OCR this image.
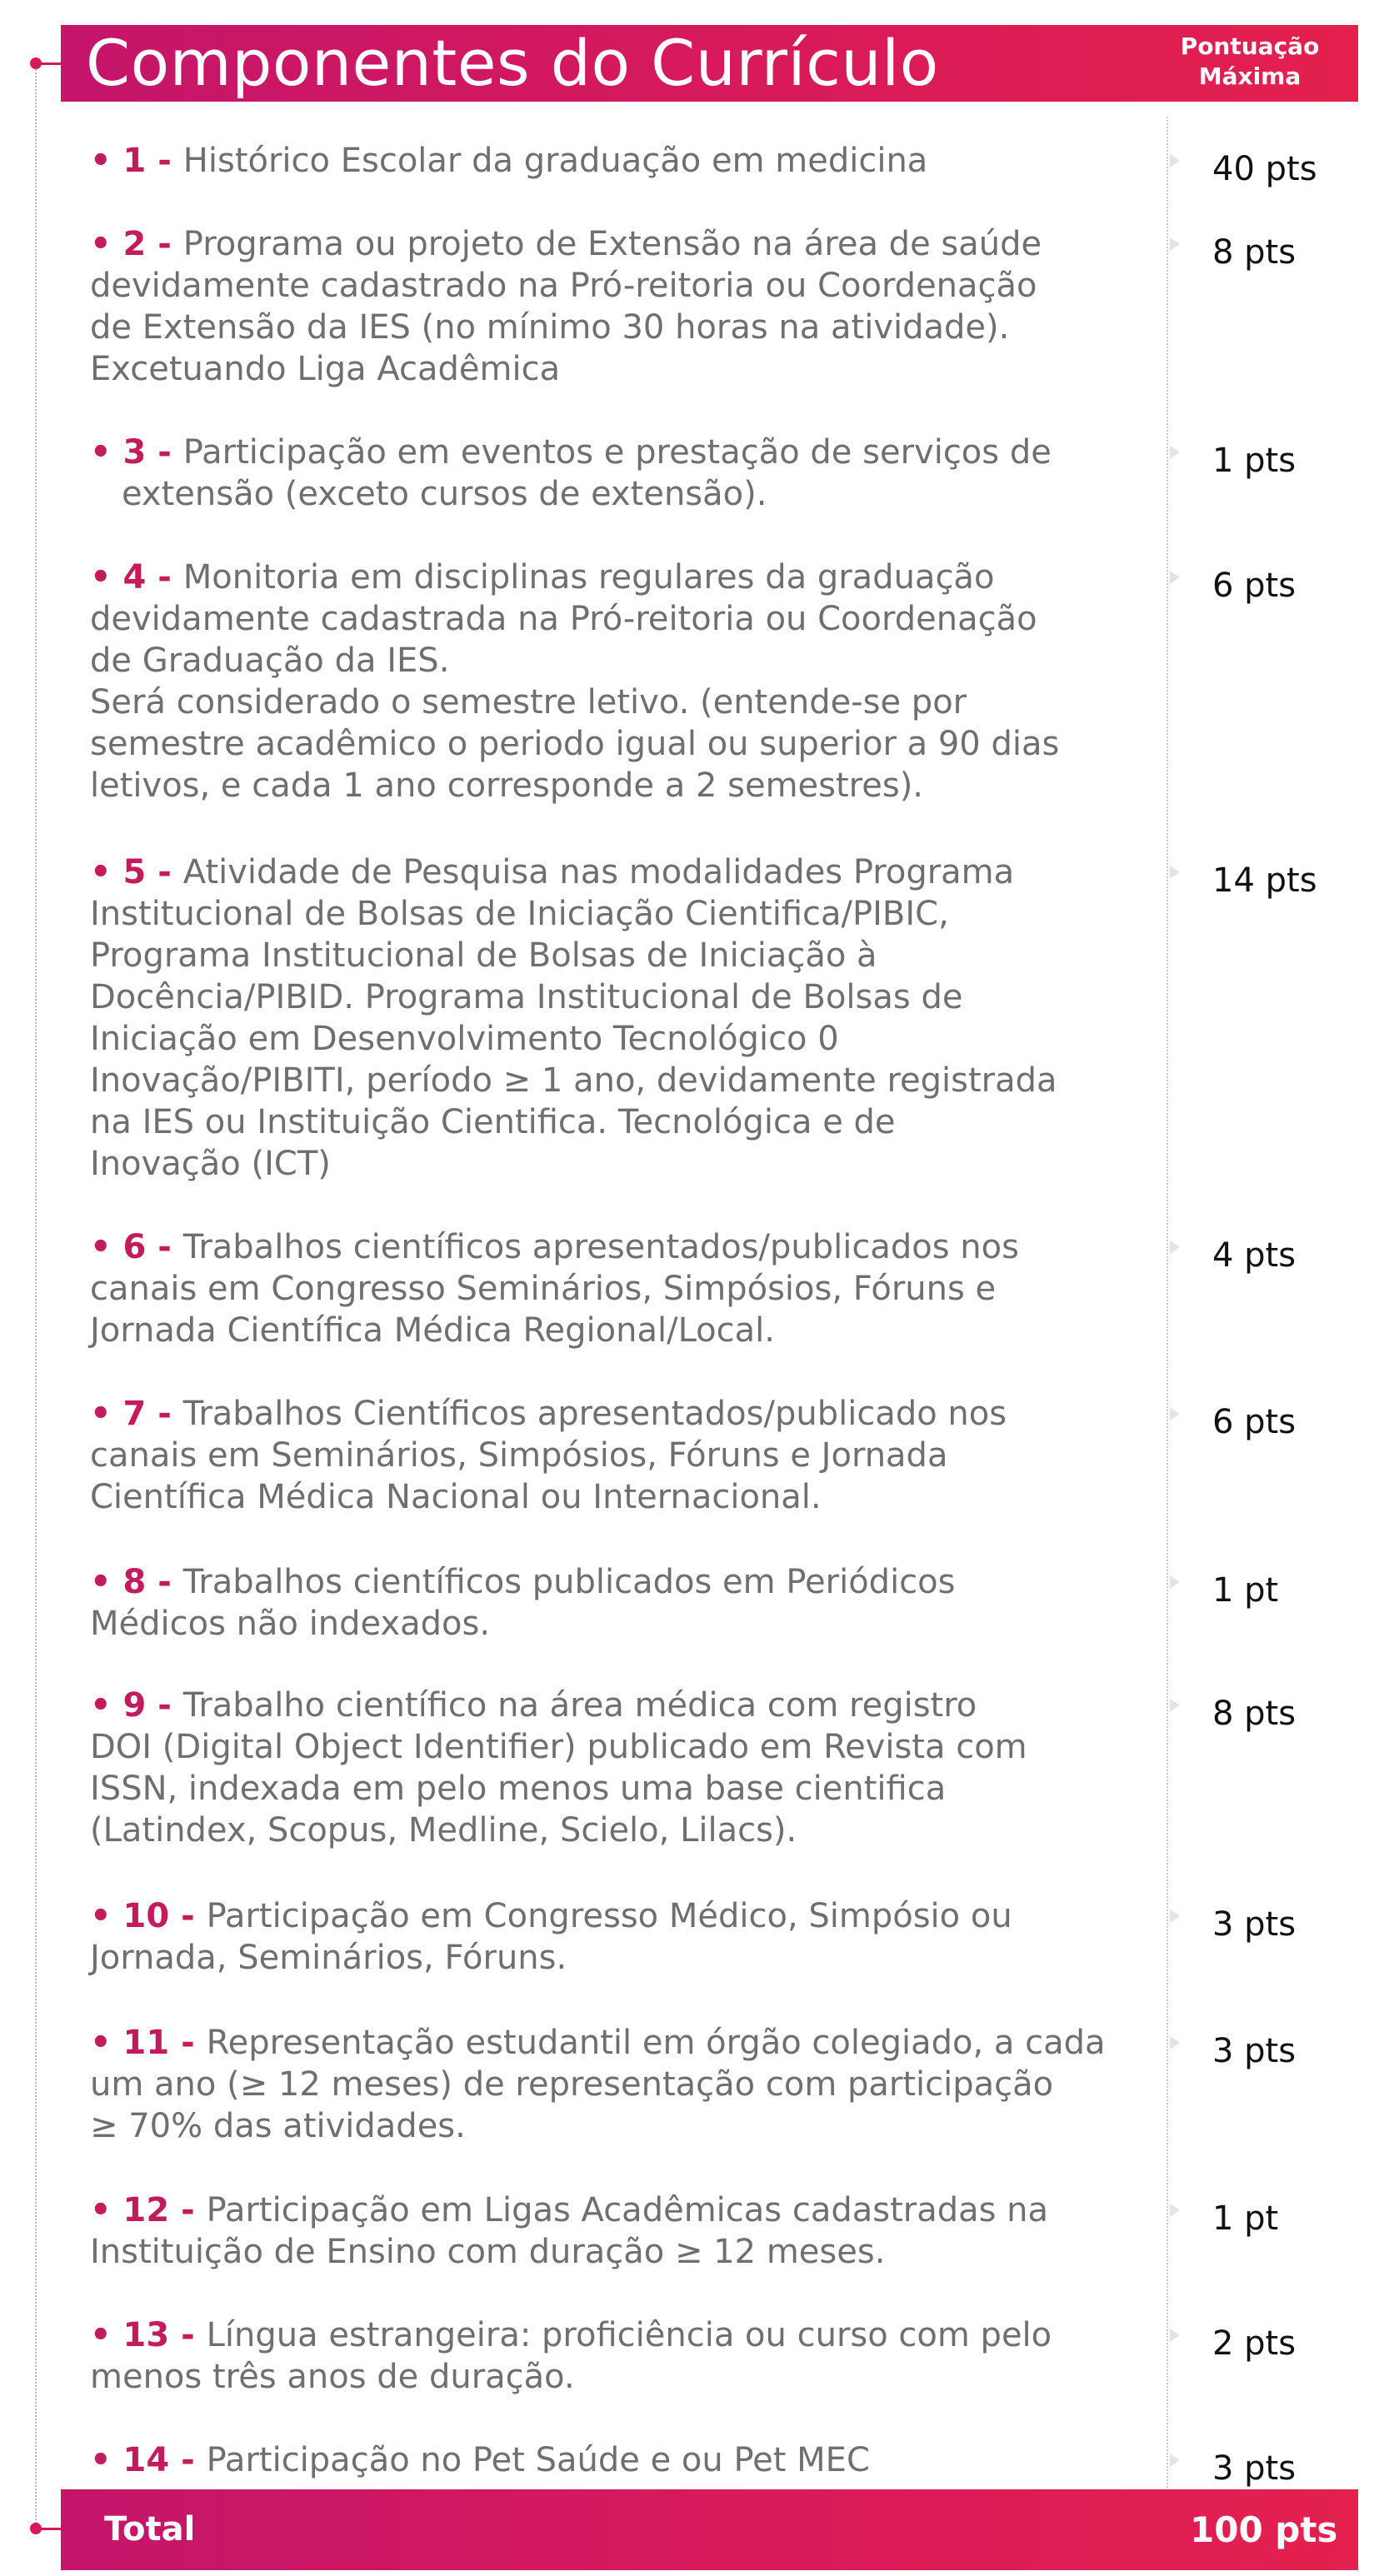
Componentes do Currículo	Pontuação
Máxima
• 1 - Histórico Escolar da graduação em medicina	40 pts
• 2 - Programa ou projeto de Extensão na área de saúde
devidamente cadastrado na Pró-reitoria ou Coordenação
de Extensão da IES (no mínimo 30 horas na atividade).
Excetuando Liga Acadêmica
8 pts
• 3 - Participação em eventos e prestação de serviços de
extensão (exceto cursos de extensão).
1 pts
• 4 - Monitoria em disciplinas regulares da graduação
devidamente cadastrada na Pró-reitoria ou Coordenação
de Graduação da IES.
Será considerado o semestre letivo. (entende-se por
semestre acadêmico o periodo igual ou superior a 90 dias
letivos, e cada 1 ano corresponde a 2 semestres).
6 pts
• 5 - Atividade de Pesquisa nas modalidades Programa
Institucional de Bolsas de Iniciação Cientifica/PIBIC,
Programa Institucional de Bolsas de Iniciação à
Docência/PIBID. Programa Institucional de Bolsas de
Iniciação em Desenvolvimento Tecnológico 0
Inovação/PIBITI, período ≥ 1 ano, devidamente registrada
na IES ou Instituição Cientifica. Tecnológica e de
Inovação (ICT)
14 pts
• 6 - Trabalhos científicos apresentados/publicados nos
canais em Congresso Seminários, Simpósios, Fóruns e
Jornada Científica Médica Regional/Local.
4 pts
• 7 - Trabalhos Científicos apresentados/publicado nos
canais em Seminários, Simpósios, Fóruns e Jornada
Científica Médica Nacional ou Internacional.
6 pts
• 8 - Trabalhos científicos publicados em Periódicos
Médicos não indexados.
1 pt
• 9 - Trabalho científico na área médica com registro
DOI (Digital Object Identifier) publicado em Revista com
ISSN, indexada em pelo menos uma base cientifica
(Latindex, Scopus, Medline, Scielo, Lilacs).
8 pts
• 10 - Participação em Congresso Médico, Simpósio ou
Jornada, Seminários, Fóruns.
3 pts
• 11 - Representação estudantil em órgão colegiado, a cada
um ano (≥ 12 meses) de representação com participação
≥ 70% das atividades.
3 pts
• 12 - Participação em Ligas Acadêmicas cadastradas na
Instituição de Ensino com duração ≥ 12 meses.
1 pt
• 13 - Língua estrangeira: proficiência ou curso com pelo
menos três anos de duração.
2 pts
• 14 - Participação no Pet Saúde e ou Pet MEC	3 pts
Total	100 pts
